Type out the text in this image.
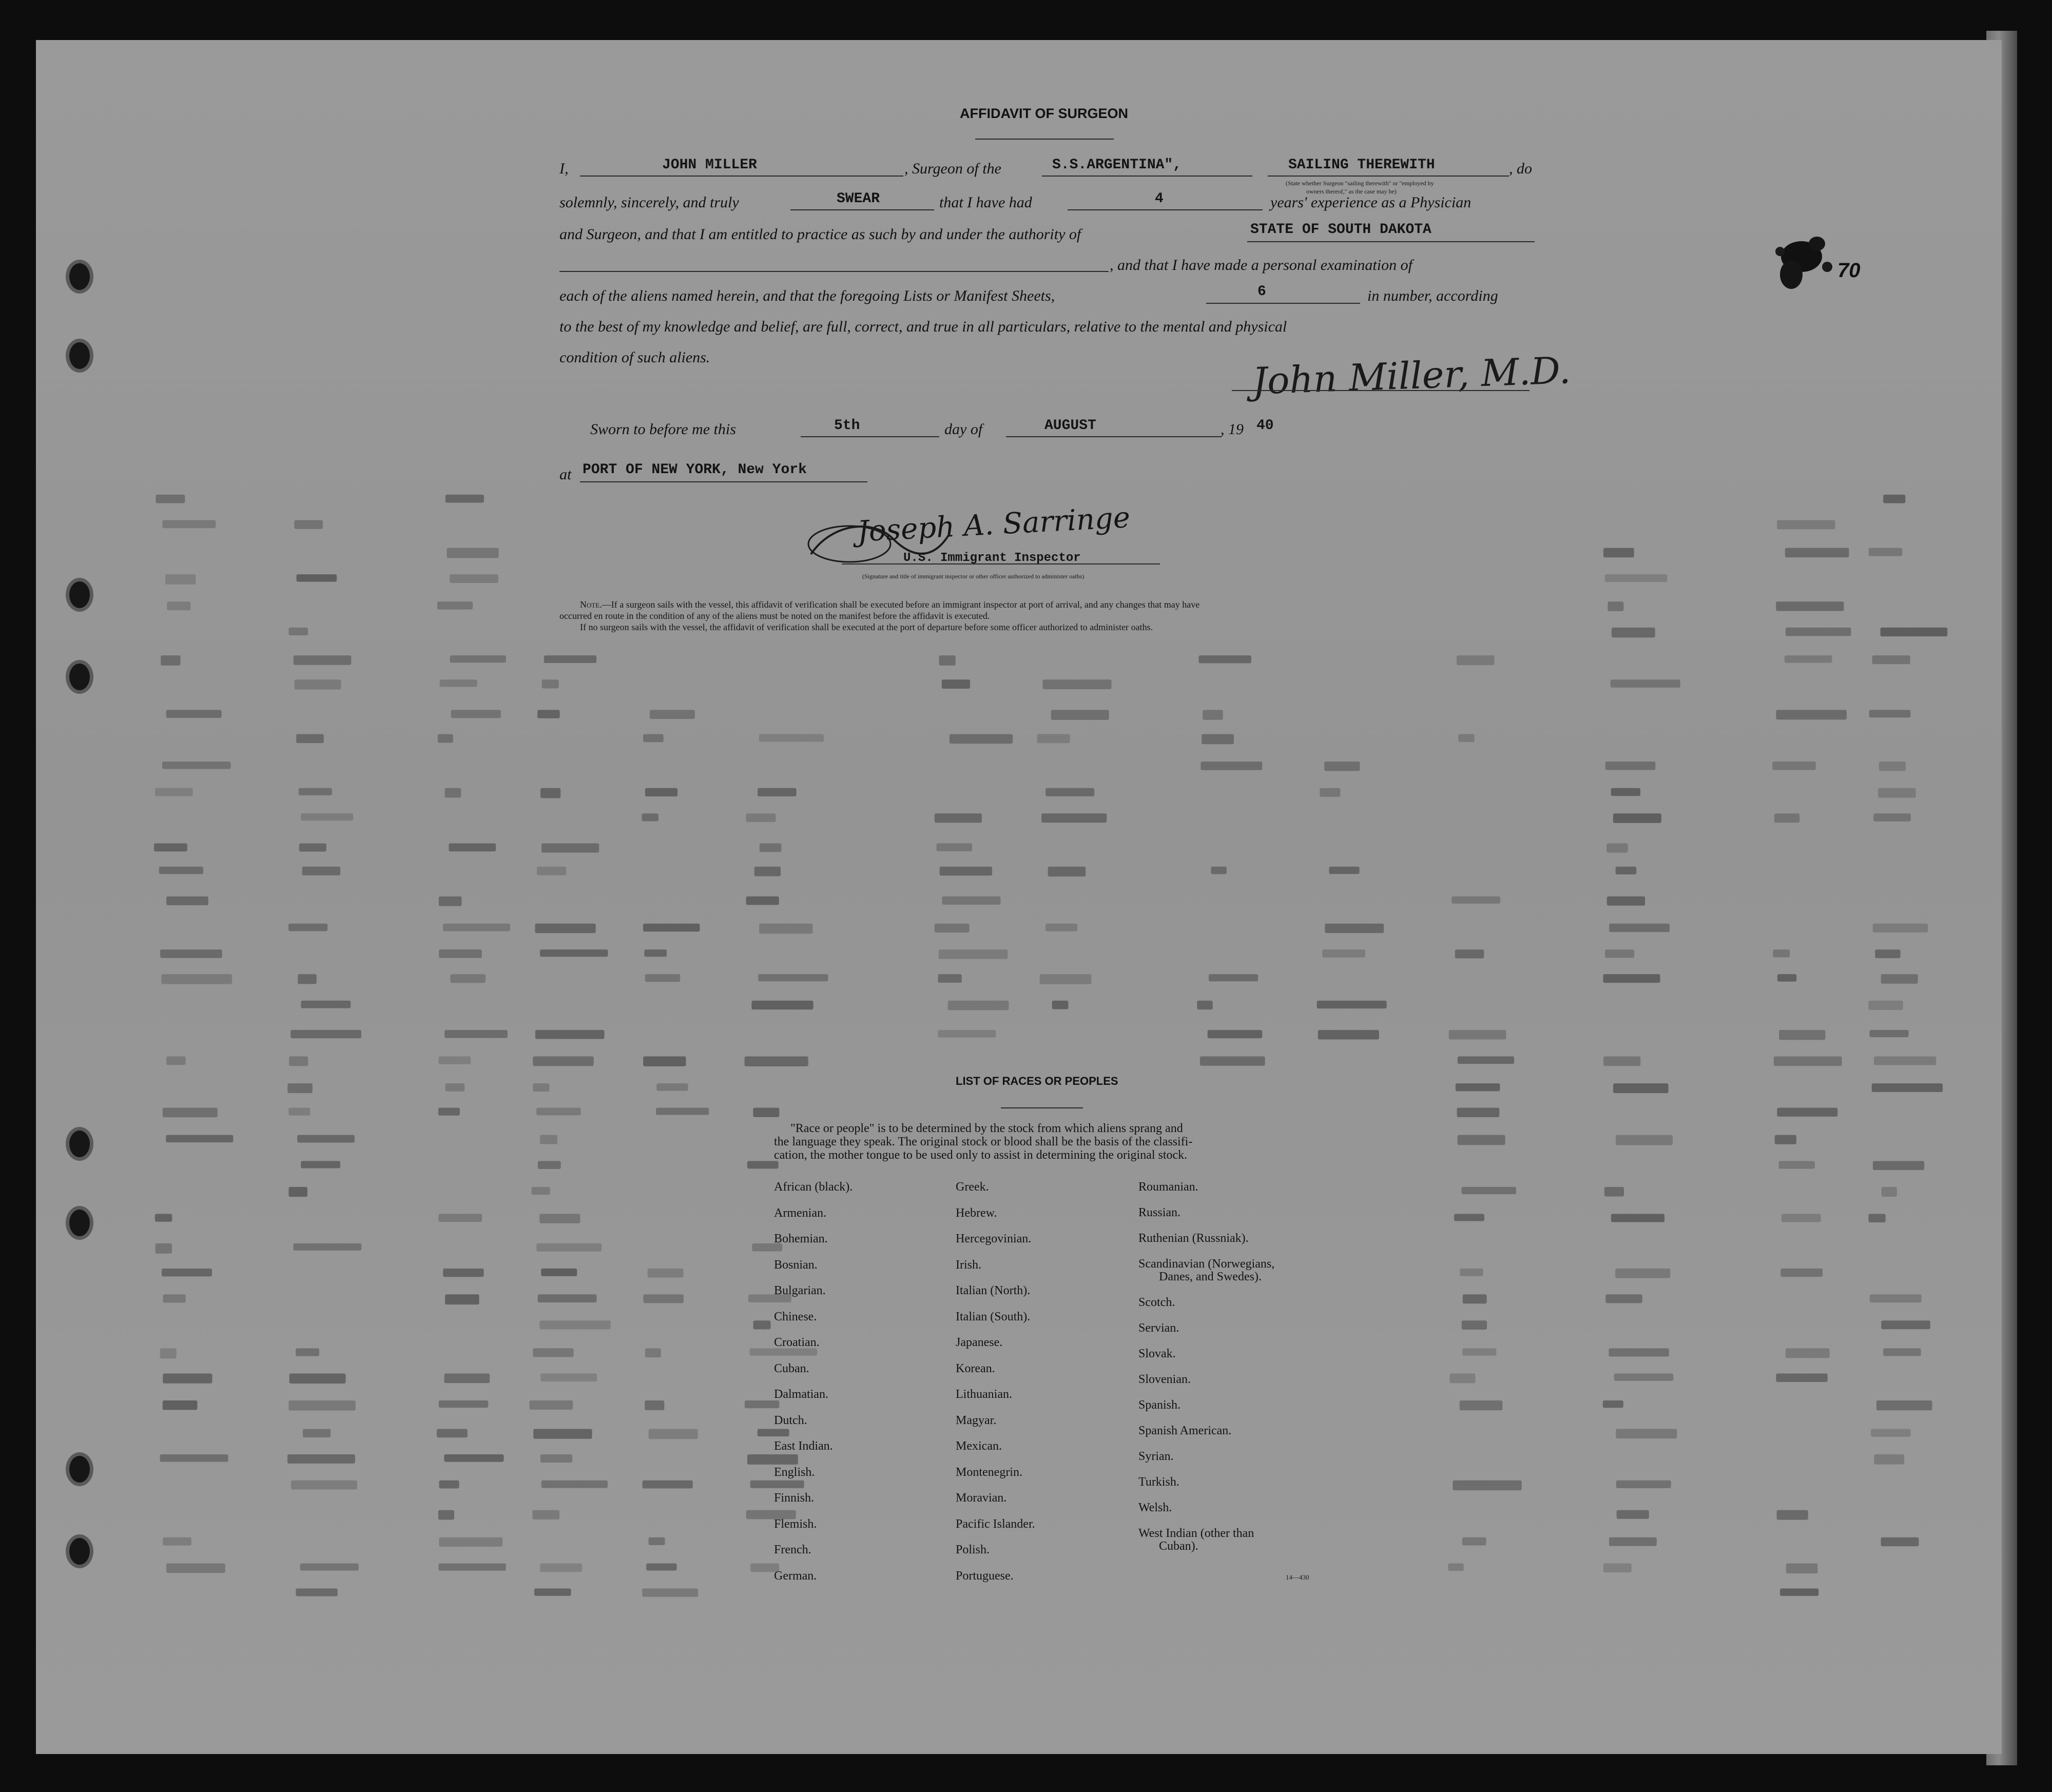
70
AFFIDAVIT OF SURGEON
I,	JOHN MILLER	, Surgeon of the	S.S.ARGENTINA",	SAILING THEREWITH	, do
(State whether Surgeon "sailing therewith" or "employed by
owners thereof," as the case may be)
solemnly, sincerely, and truly	SWEAR	that I have had	4	years' experience as a Physician
and Surgeon, and that I am entitled to practice as such by and under the authority of	STATE OF SOUTH DAKOTA
, and that I have made a personal examination of
each of the aliens named herein, and that the foregoing Lists or Manifest Sheets,	6	in number, according
to the best of my knowledge and belief, are full, correct, and true in all particulars, relative to the mental and physical
condition of such aliens.	John Miller, M.D.
Sworn to before me this	5th	day of	AUGUST	, 19 40
at PORT OF NEW YORK, New York
Joseph A. Sarringe
U.S. Immigrant Inspector
(Signature and title of immigrant inspector or other officer authorized to administer oaths)
Note.—If a surgeon sails with the vessel, this affidavit of verification shall be executed before an immigrant inspector at port of arrival, and any changes that may have
occurred en route in the condition of any of the aliens must be noted on the manifest before the affidavit is executed.
If no surgeon sails with the vessel, the affidavit of verification shall be executed at the port of departure before some officer authorized to administer oaths.
LIST OF RACES OR PEOPLES
"Race or people" is to be determined by the stock from which aliens sprang and
the language they speak. The original stock or blood shall be the basis of the classifi-
cation, the mother tongue to be used only to assist in determining the original stock.
African (black).
Armenian.
Bohemian.
Bosnian.
Bulgarian.
Chinese.
Croatian.
Cuban.
Dalmatian.
Dutch.
East Indian.
English.
Finnish.
Flemish.
French.
German.
Greek.
Hebrew.
Hercegovinian.
Irish.
Italian (North).
Italian (South).
Japanese.
Korean.
Lithuanian.
Magyar.
Mexican.
Montenegrin.
Moravian.
Pacific Islander.
Polish.
Portuguese.
Roumanian.
Russian.
Ruthenian (Russniak).
Scandinavian (Norwegians,
Danes, and Swedes).
Scotch.
Servian.
Slovak.
Slovenian.
Spanish.
Spanish American.
Syrian.
Turkish.
Welsh.
West Indian (other than
Cuban).
14—430
